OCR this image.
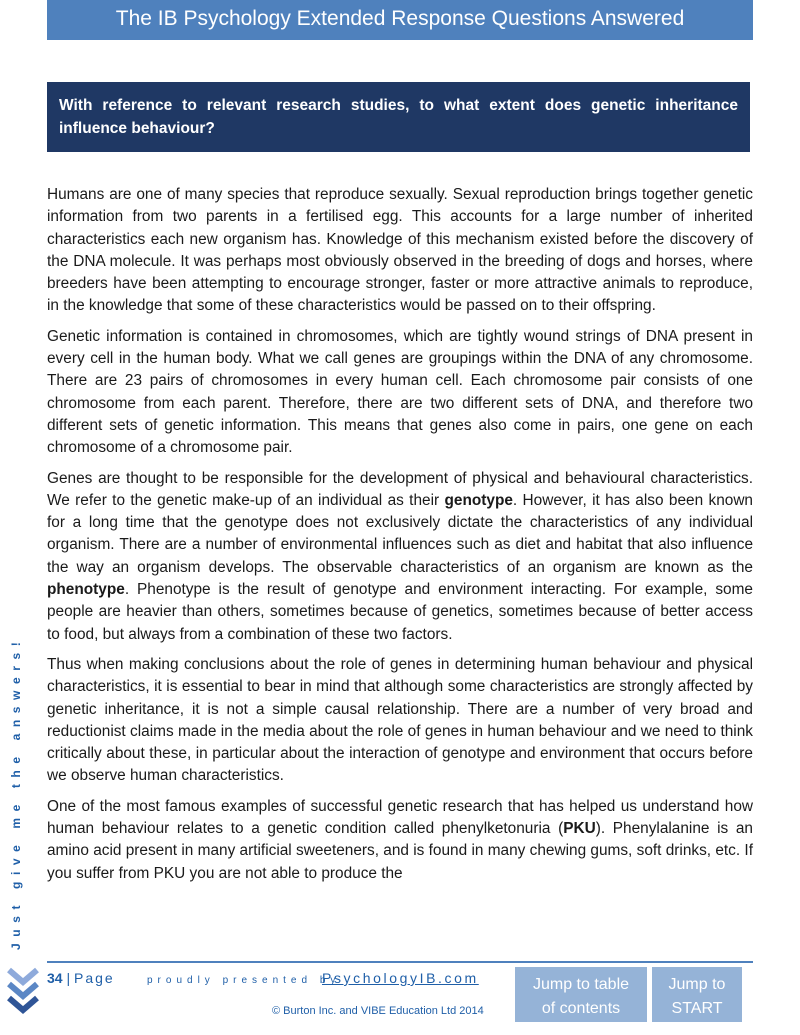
The IB Psychology Extended Response Questions Answered
With reference to relevant research studies, to what extent does genetic inheritance influence behaviour?

Humans are one of many species that reproduce sexually. Sexual reproduction brings together genetic information from two parents in a fertilised egg. This accounts for a large number of inherited characteristics each new organism has. Knowledge of this mechanism existed before the discovery of the DNA molecule. It was perhaps most obviously observed in the breeding of dogs and horses, where breeders have been attempting to encourage stronger, faster or more attractive animals to reproduce, in the knowledge that some of these characteristics would be passed on to their offspring.

Genetic information is contained in chromosomes, which are tightly wound strings of DNA present in every cell in the human body. What we call genes are groupings within the DNA of any chromosome. There are 23 pairs of chromosomes in every human cell. Each chromosome pair consists of one chromosome from each parent. Therefore, there are two different sets of DNA, and therefore two different sets of genetic information. This means that genes also come in pairs, one gene on each chromosome of a chromosome pair.

Genes are thought to be responsible for the development of physical and behavioural characteristics. We refer to the genetic make-up of an individual as their genotype. However, it has also been known for a long time that the genotype does not exclusively dictate the characteristics of any individual organism. There are a number of environmental influences such as diet and habitat that also influence the way an organism develops. The observable characteristics of an organism are known as the phenotype. Phenotype is the result of genotype and environment interacting. For example, some people are heavier than others, sometimes because of genetics, sometimes because of better access to food, but always from a combination of these two factors.

Thus when making conclusions about the role of genes in determining human behaviour and physical characteristics, it is essential to bear in mind that although some characteristics are strongly affected by genetic inheritance, it is not a simple causal relationship. There are a number of very broad and reductionist claims made in the media about the role of genes in human behaviour and we need to think critically about these, in particular about the interaction of genotype and environment that occurs before we observe human characteristics.

One of the most famous examples of successful genetic research that has helped us understand how human behaviour relates to a genetic condition called phenylketonuria (PKU). Phenylalanine is an amino acid present in many artificial sweeteners, and is found in many chewing gums, soft drinks, etc. If you suffer from PKU you are not able to produce the

Just give me the answers!
34 | Page	proudly presented by
PsychologyIB.com
© Burton Inc. and VIBE Education Ltd 2014
Jump to table
of contents
Jump to
START
